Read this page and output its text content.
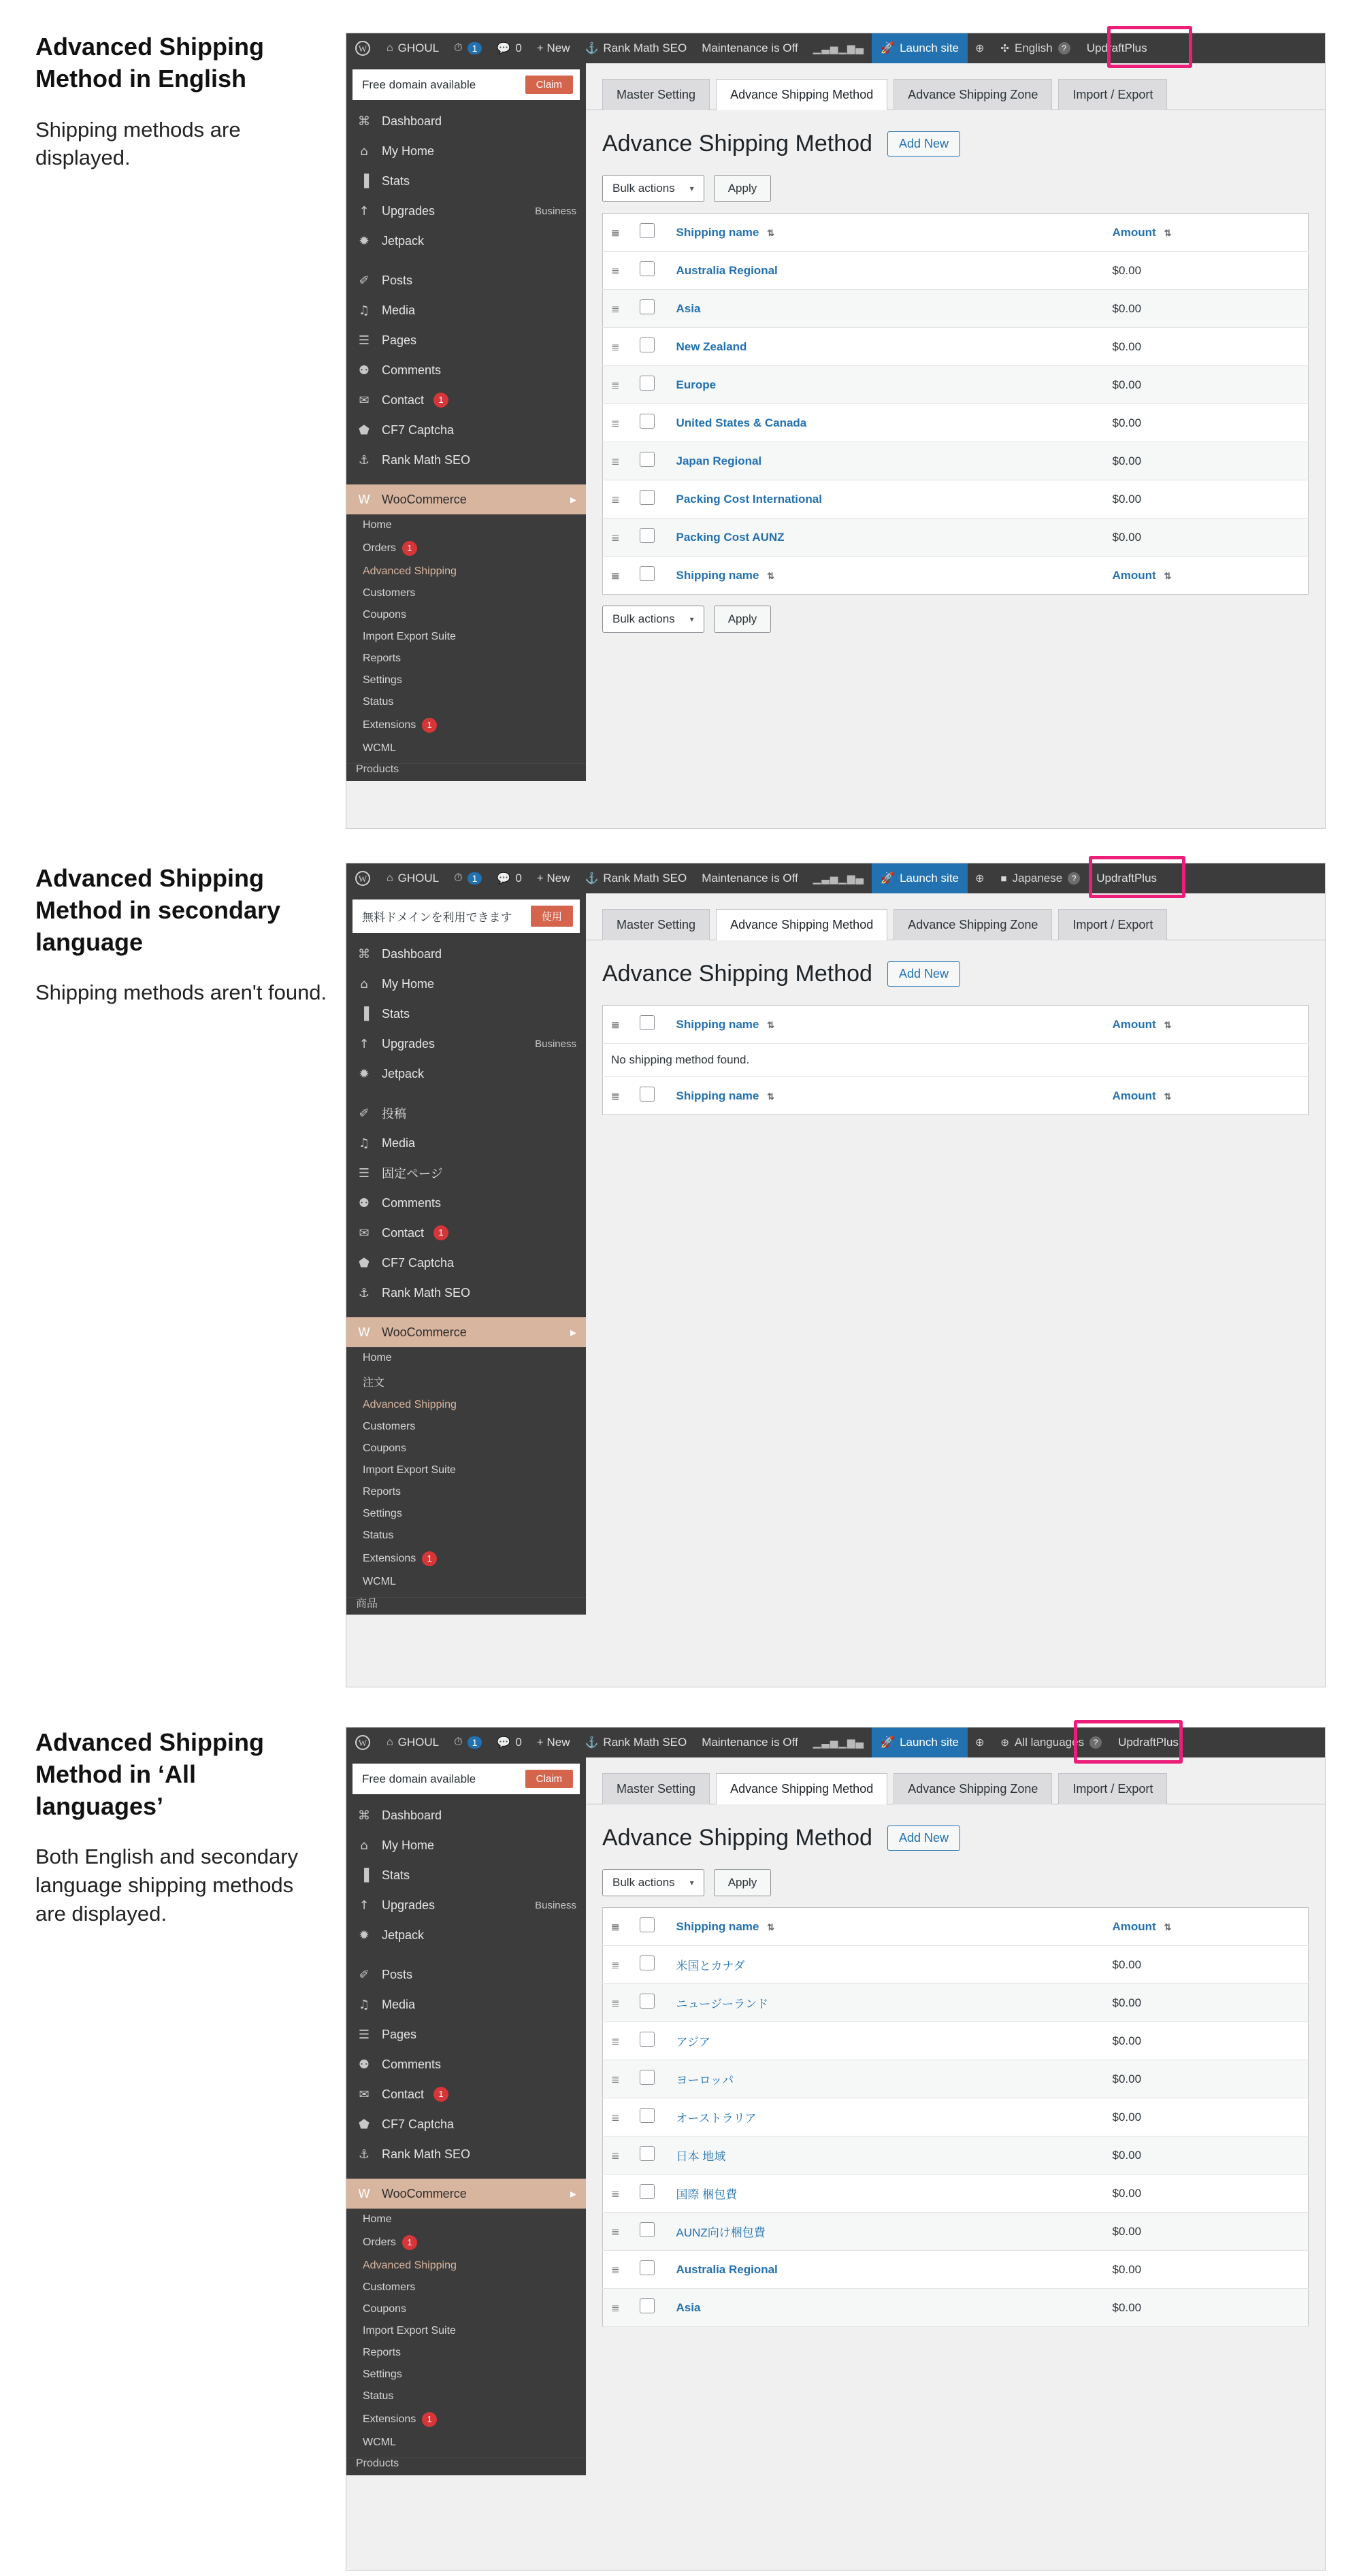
Advanced Shipping Method in English

Shipping methods are displayed.

W	⌂ GHOUL ⏱	1	💬 0 + New ⚓ Rank Math SEO Maintenance is Off ▁▃▅▁▆▄ 🚀 Launch site ⊕ ✣ English	?	UpdraftPlus
Free domain available	Claim
⌘ Dashboard
⌂	My Home
▐ Stats
↑ Upgrades	Business
✹ Jetpack
✐ Posts
♫ Media
☰ Pages
⚉ Comments
✉ Contact	1
⬟ CF7 Captcha
⚓ Rank Math SEO
W WooCommerce	▸
Home
Orders	1
Advanced Shipping
Customers
Coupons
Import Export Suite
Reports
Settings
Status
Extensions	1
WCML
Products
Master Setting	Advance Shipping Method	Advance Shipping Zone	Import / Export
Advance Shipping Method	Add New
Bulk actions ▾	Apply
≣		Shipping name ⇅	Amount ⇅
≣		Australia Regional	$0.00
≣		Asia	$0.00
≣		New Zealand	$0.00
≣		Europe	$0.00
≣		United States & Canada	$0.00
≣		Japan Regional	$0.00
≣		Packing Cost International	$0.00
≣		Packing Cost AUNZ	$0.00
≣		Shipping name ⇅	Amount ⇅
Bulk actions ▾	Apply
Advanced Shipping Method in secondary language

Shipping methods aren't found.

W	⌂ GHOUL ⏱	1	💬 0 + New ⚓ Rank Math SEO Maintenance is Off ▁▃▅▁▆▄ 🚀 Launch site ⊕ ■ Japanese	?	UpdraftPlus
無料ドメインを利用できます	使用
⌘ Dashboard
⌂	My Home
▐ Stats
↑ Upgrades	Business
✹ Jetpack
✐ 投稿
♫ Media
☰ 固定ページ
⚉ Comments
✉ Contact	1
⬟ CF7 Captcha
⚓ Rank Math SEO
W WooCommerce	▸
Home
注文
Advanced Shipping
Customers
Coupons
Import Export Suite
Reports
Settings
Status
Extensions	1
WCML
商品
Master Setting	Advance Shipping Method	Advance Shipping Zone	Import / Export
Advance Shipping Method	Add New
≣		Shipping name ⇅	Amount ⇅
No shipping method found.			
≣		Shipping name ⇅	Amount ⇅
Advanced Shipping Method in ‘All languages’

Both English and secondary language shipping methods are displayed.

W	⌂ GHOUL ⏱	1	💬 0 + New ⚓ Rank Math SEO Maintenance is Off ▁▃▅▁▆▄ 🚀 Launch site ⊕ ⊕ All languages	?	UpdraftPlus
Free domain available	Claim
⌘ Dashboard
⌂	My Home
▐ Stats
↑ Upgrades	Business
✹ Jetpack
✐ Posts
♫ Media
☰ Pages
⚉ Comments
✉ Contact	1
⬟ CF7 Captcha
⚓ Rank Math SEO
W WooCommerce	▸
Home
Orders	1
Advanced Shipping
Customers
Coupons
Import Export Suite
Reports
Settings
Status
Extensions	1
WCML
Products
Master Setting	Advance Shipping Method	Advance Shipping Zone	Import / Export
Advance Shipping Method	Add New
Bulk actions ▾	Apply
≣		Shipping name ⇅	Amount ⇅
≣		米国とカナダ	$0.00
≣		ニュージーランド	$0.00
≣		アジア	$0.00
≣		ヨーロッパ	$0.00
≣		オーストラリア	$0.00
≣		日本 地域	$0.00
≣		国際 梱包費	$0.00
≣		AUNZ向け梱包費	$0.00
≣		Australia Regional	$0.00
≣		Asia	$0.00
